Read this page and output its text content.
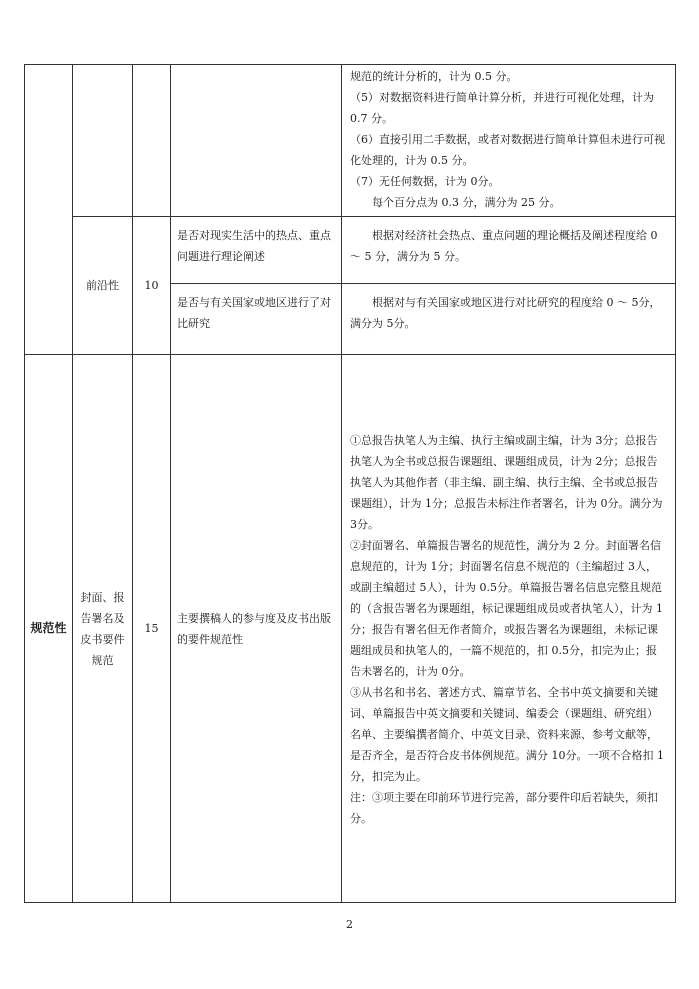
				规范的统计分析的，计为 0.5 分。

（5）对数据资料进行简单计算分析，并进行可视化处理，计为 0.7 分。

（6）直接引用二手数据，或者对数据进行简单计算但未进行可视化处理的，计为 0.5 分。

（7）无任何数据，计为 0分。

每个百分点为 0.3 分，满分为 25 分。

	前沿性	10	是否对现实生活中的热点、重点问题进行理论阐述	根据对经济社会热点、重点问题的理论概括及阐述程度给 0 ～ 5 分，满分为 5 分。

			是否与有关国家或地区进行了对比研究	根据对与有关国家或地区进行对比研究的程度给 0 ～ 5分，满分为 5分。

规范性	封面、报告署名及皮书要件规范	15	主要撰稿人的参与度及皮书出版的要件规范性	①总报告执笔人为主编、执行主编或副主编，计为 3分；总报告执笔人为全书或总报告课题组、课题组成员，计为 2分；总报告执笔人为其他作者（非主编、副主编、执行主编、全书或总报告课题组），计为 1分；总报告未标注作者署名，计为 0分。满分为 3分。

②封面署名、单篇报告署名的规范性，满分为 2 分。封面署名信息规范的，计为 1分；封面署名信息不规范的（主编超过 3人，或副主编超过 5人），计为 0.5分。单篇报告署名信息完整且规范的（含报告署名为课题组，标记课题组成员或者执笔人），计为 1分；报告有署名但无作者简介，或报告署名为课题组，未标记课题组成员和执笔人的，一篇不规范的，扣 0.5分，扣完为止；报告未署名的，计为 0分。

③从书名和书名、著述方式、篇章节名、全书中英文摘要和关键词、单篇报告中英文摘要和关键词、编委会（课题组、研究组）名单、主要编撰者简介、中英文目录、资料来源、参考文献等，是否齐全，是否符合皮书体例规范。满分 10分。一项不合格扣 1 分，扣完为止。

注：③项主要在印前环节进行完善，部分要件印后若缺失，须扣分。

2
